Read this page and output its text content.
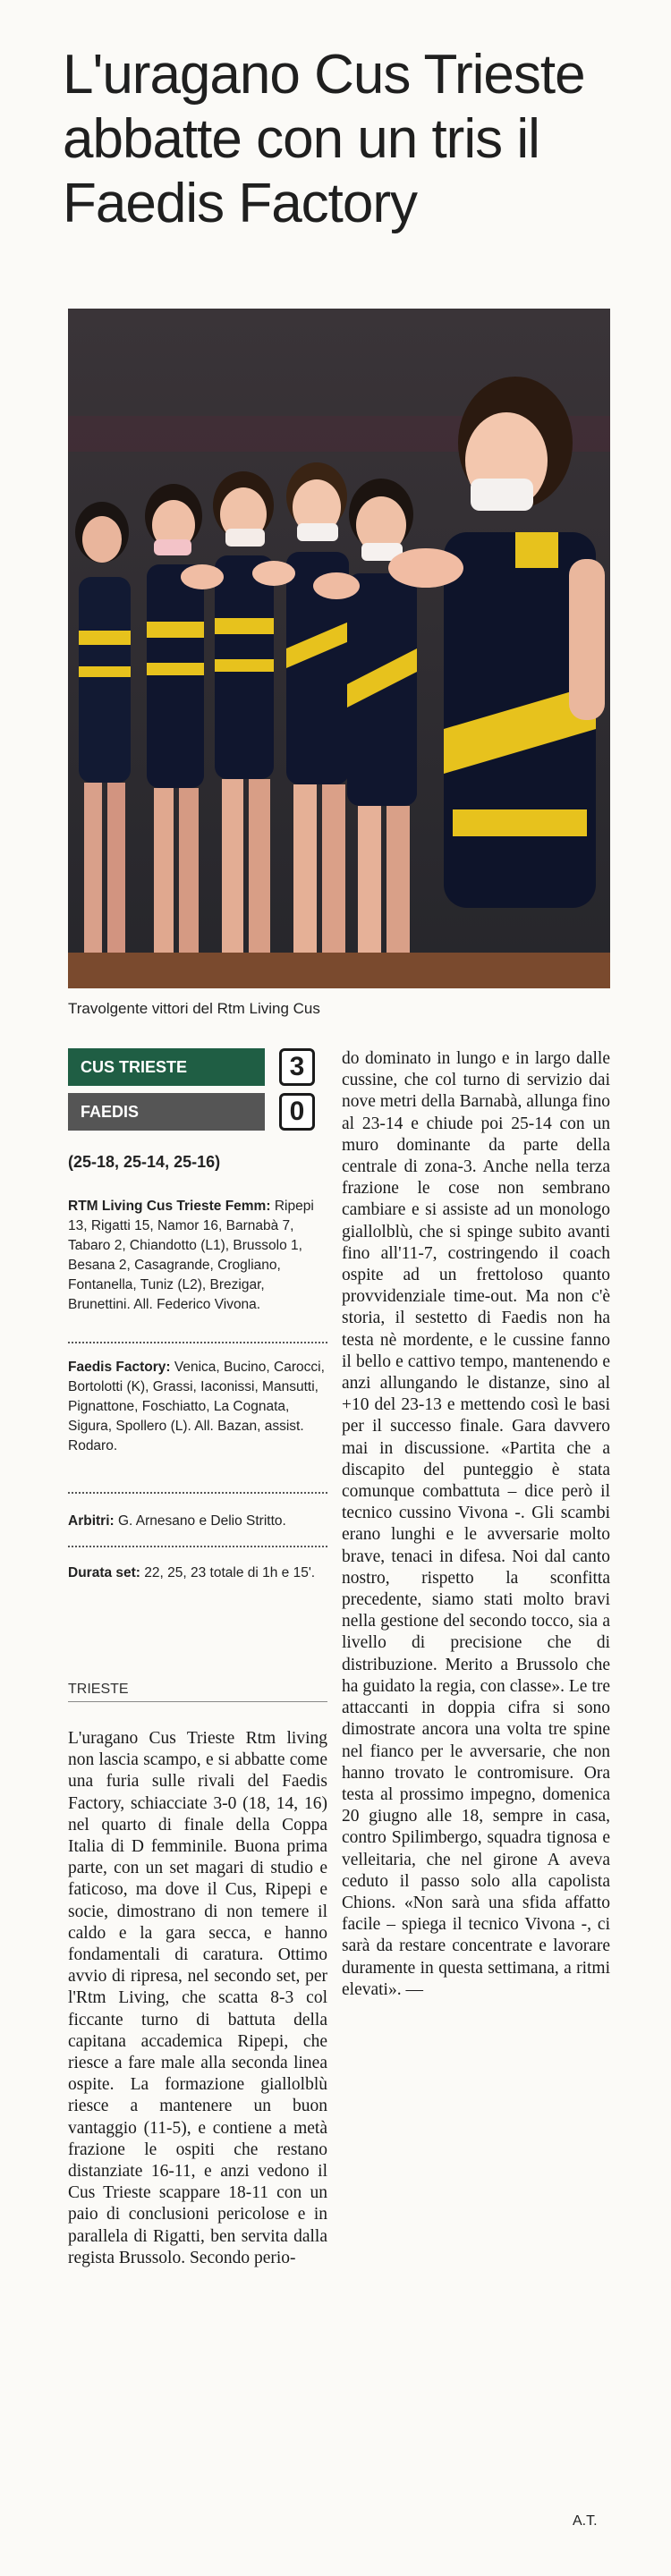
L'uragano Cus Trieste abbatte con un tris il Faedis Factory
Travolgente vittori del Rtm Living Cus
CUS TRIESTE	3
FAEDIS	0
(25-18, 25-14, 25-16)

RTM Living Cus Trieste Femm: Ripepi 13, Rigatti 15, Namor 16, Barnabà 7, Tabaro 2, Chiandotto (L1), Brussolo 1, Besana 2, Casagrande, Crogliano, Fontanella, Tuniz (L2), Brezigar, Brunettini. All. Federico Vivona.

Faedis Factory: Venica, Bucino, Carocci, Bortolotti (K), Grassi, Iaconissi, Mansutti, Pignattone, Foschiatto, La Cognata, Sigura, Spollero (L). All. Bazan, assist. Rodaro.

Arbitri: G. Arnesano e Delio Stritto.

Durata set: 22, 25, 23 totale di 1h e 15'.

TRIESTE

L'uragano Cus Trieste Rtm living non lascia scampo, e si abbatte come una furia sulle rivali del Faedis Factory, schiacciate 3-0 (18, 14, 16) nel quarto di finale della Coppa Italia di D femminile. Buona prima parte, con un set magari di studio e faticoso, ma dove il Cus, Ripepi e socie, dimostrano di non temere il caldo e la gara secca, e hanno fondamentali di caratura. Ottimo avvio di ripresa, nel secondo set, per l'Rtm Living, che scatta 8-3 col ficcante turno di battuta della capitana accademica Ripepi, che riesce a fare male alla seconda linea ospite. La formazione giallolblù riesce a mantenere un buon vantaggio (11-5), e contiene a metà frazione le ospiti che restano distanziate 16-11, e anzi vedono il Cus Trieste scappare 18-11 con un paio di conclusioni pericolose e in parallela di Rigatti, ben servita dalla regista Brussolo. Secondo perio-

do dominato in lungo e in largo dalle cussine, che col turno di servizio dai nove metri della Barnabà, allunga fino al 23-14 e chiude poi 25-14 con un muro dominante da parte della centrale di zona-3. Anche nella terza frazione le cose non sembrano cambiare e si assiste ad un monologo giallolblù, che si spinge subito avanti fino all'11-7, costringendo il coach ospite ad un frettoloso quanto provvidenziale time-out. Ma non c'è storia, il sestetto di Faedis non ha testa nè mordente, e le cussine fanno il bello e cattivo tempo, mantenendo e anzi allungando le distanze, sino al +10 del 23-13 e mettendo così le basi per il successo finale. Gara davvero mai in discussione. «Partita che a discapito del punteggio è stata comunque combattuta – dice però il tecnico cussino Vivona -. Gli scambi erano lunghi e le avversarie molto brave, tenaci in difesa. Noi dal canto nostro, rispetto la sconfitta precedente, siamo stati molto bravi nella gestione del secondo tocco, sia a livello di precisione che di distribuzione. Merito a Brussolo che ha guidato la regia, con classe». Le tre attaccanti in doppia cifra si sono dimostrate ancora una volta tre spine nel fianco per le avversarie, che non hanno trovato le contromisure. Ora testa al prossimo impegno, domenica 20 giugno alle 18, sempre in casa, contro Spilimbergo, squadra tignosa e velleitaria, che nel girone A aveva ceduto il passo solo alla capolista Chions. «Non sarà una sfida affatto facile – spiega il tecnico Vivona -, ci sarà da restare concentrate e lavorare duramente in questa settimana, a ritmi elevati». —

A.T.
